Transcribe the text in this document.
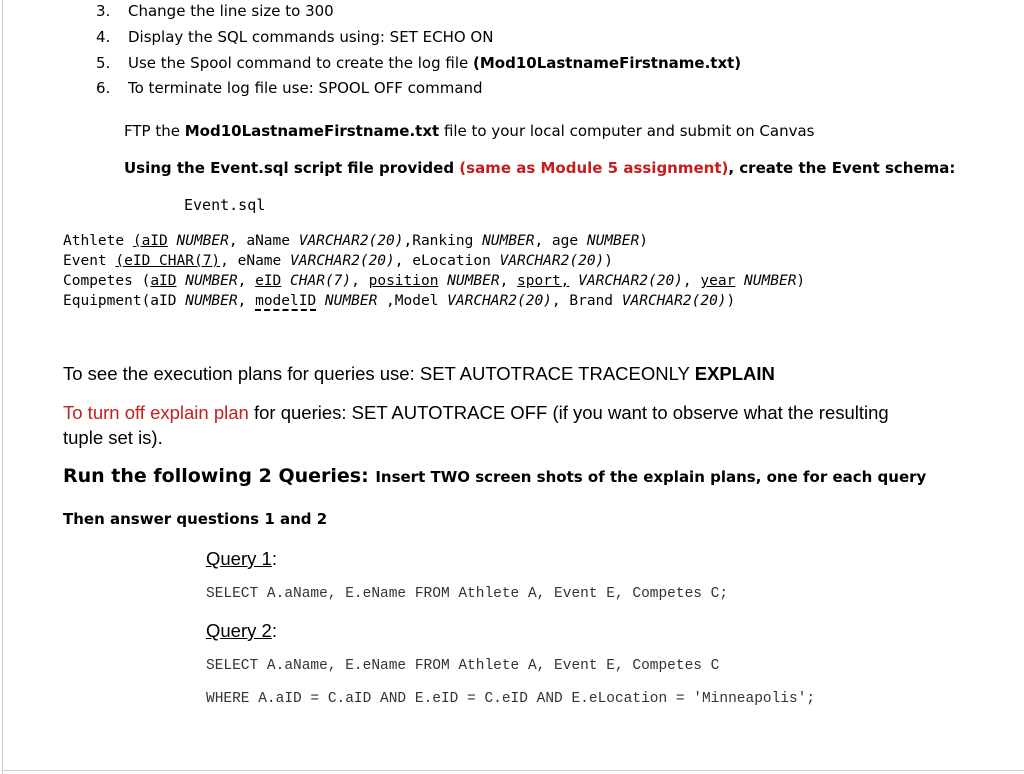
3. Change the line size to 300
4. Display the SQL commands using: SET ECHO ON
5. Use the Spool command to create the log file (Mod10LastnameFirstname.txt)
6. To terminate log file use: SPOOL OFF command
FTP the Mod10LastnameFirstname.txt file to your local computer and submit on Canvas
Using the Event.sql script file provided (same as Module 5 assignment), create the Event schema:
Event.sql
Athlete (aID NUMBER, aName VARCHAR2(20),Ranking NUMBER, age NUMBER)
Event (eID CHAR(7), eName VARCHAR2(20), eLocation VARCHAR2(20))
Competes (aID NUMBER, eID CHAR(7), position NUMBER, sport, VARCHAR2(20), year NUMBER)
Equipment(aID NUMBER, modelID NUMBER ,Model VARCHAR2(20), Brand VARCHAR2(20))
To see the execution plans for queries use: SET AUTOTRACE TRACEONLY EXPLAIN
To turn off explain plan for queries: SET AUTOTRACE OFF (if you want to observe what the resulting
tuple set is).
Run the following 2 Queries: Insert TWO screen shots of the explain plans, one for each query
Then answer questions 1 and 2
Query 1:
SELECT A.aName, E.eName FROM Athlete A, Event E, Competes C;
Query 2:
SELECT A.aName, E.eName FROM Athlete A, Event E, Competes C
WHERE A.aID = C.aID AND E.eID = C.eID AND E.eLocation = 'Minneapolis';
